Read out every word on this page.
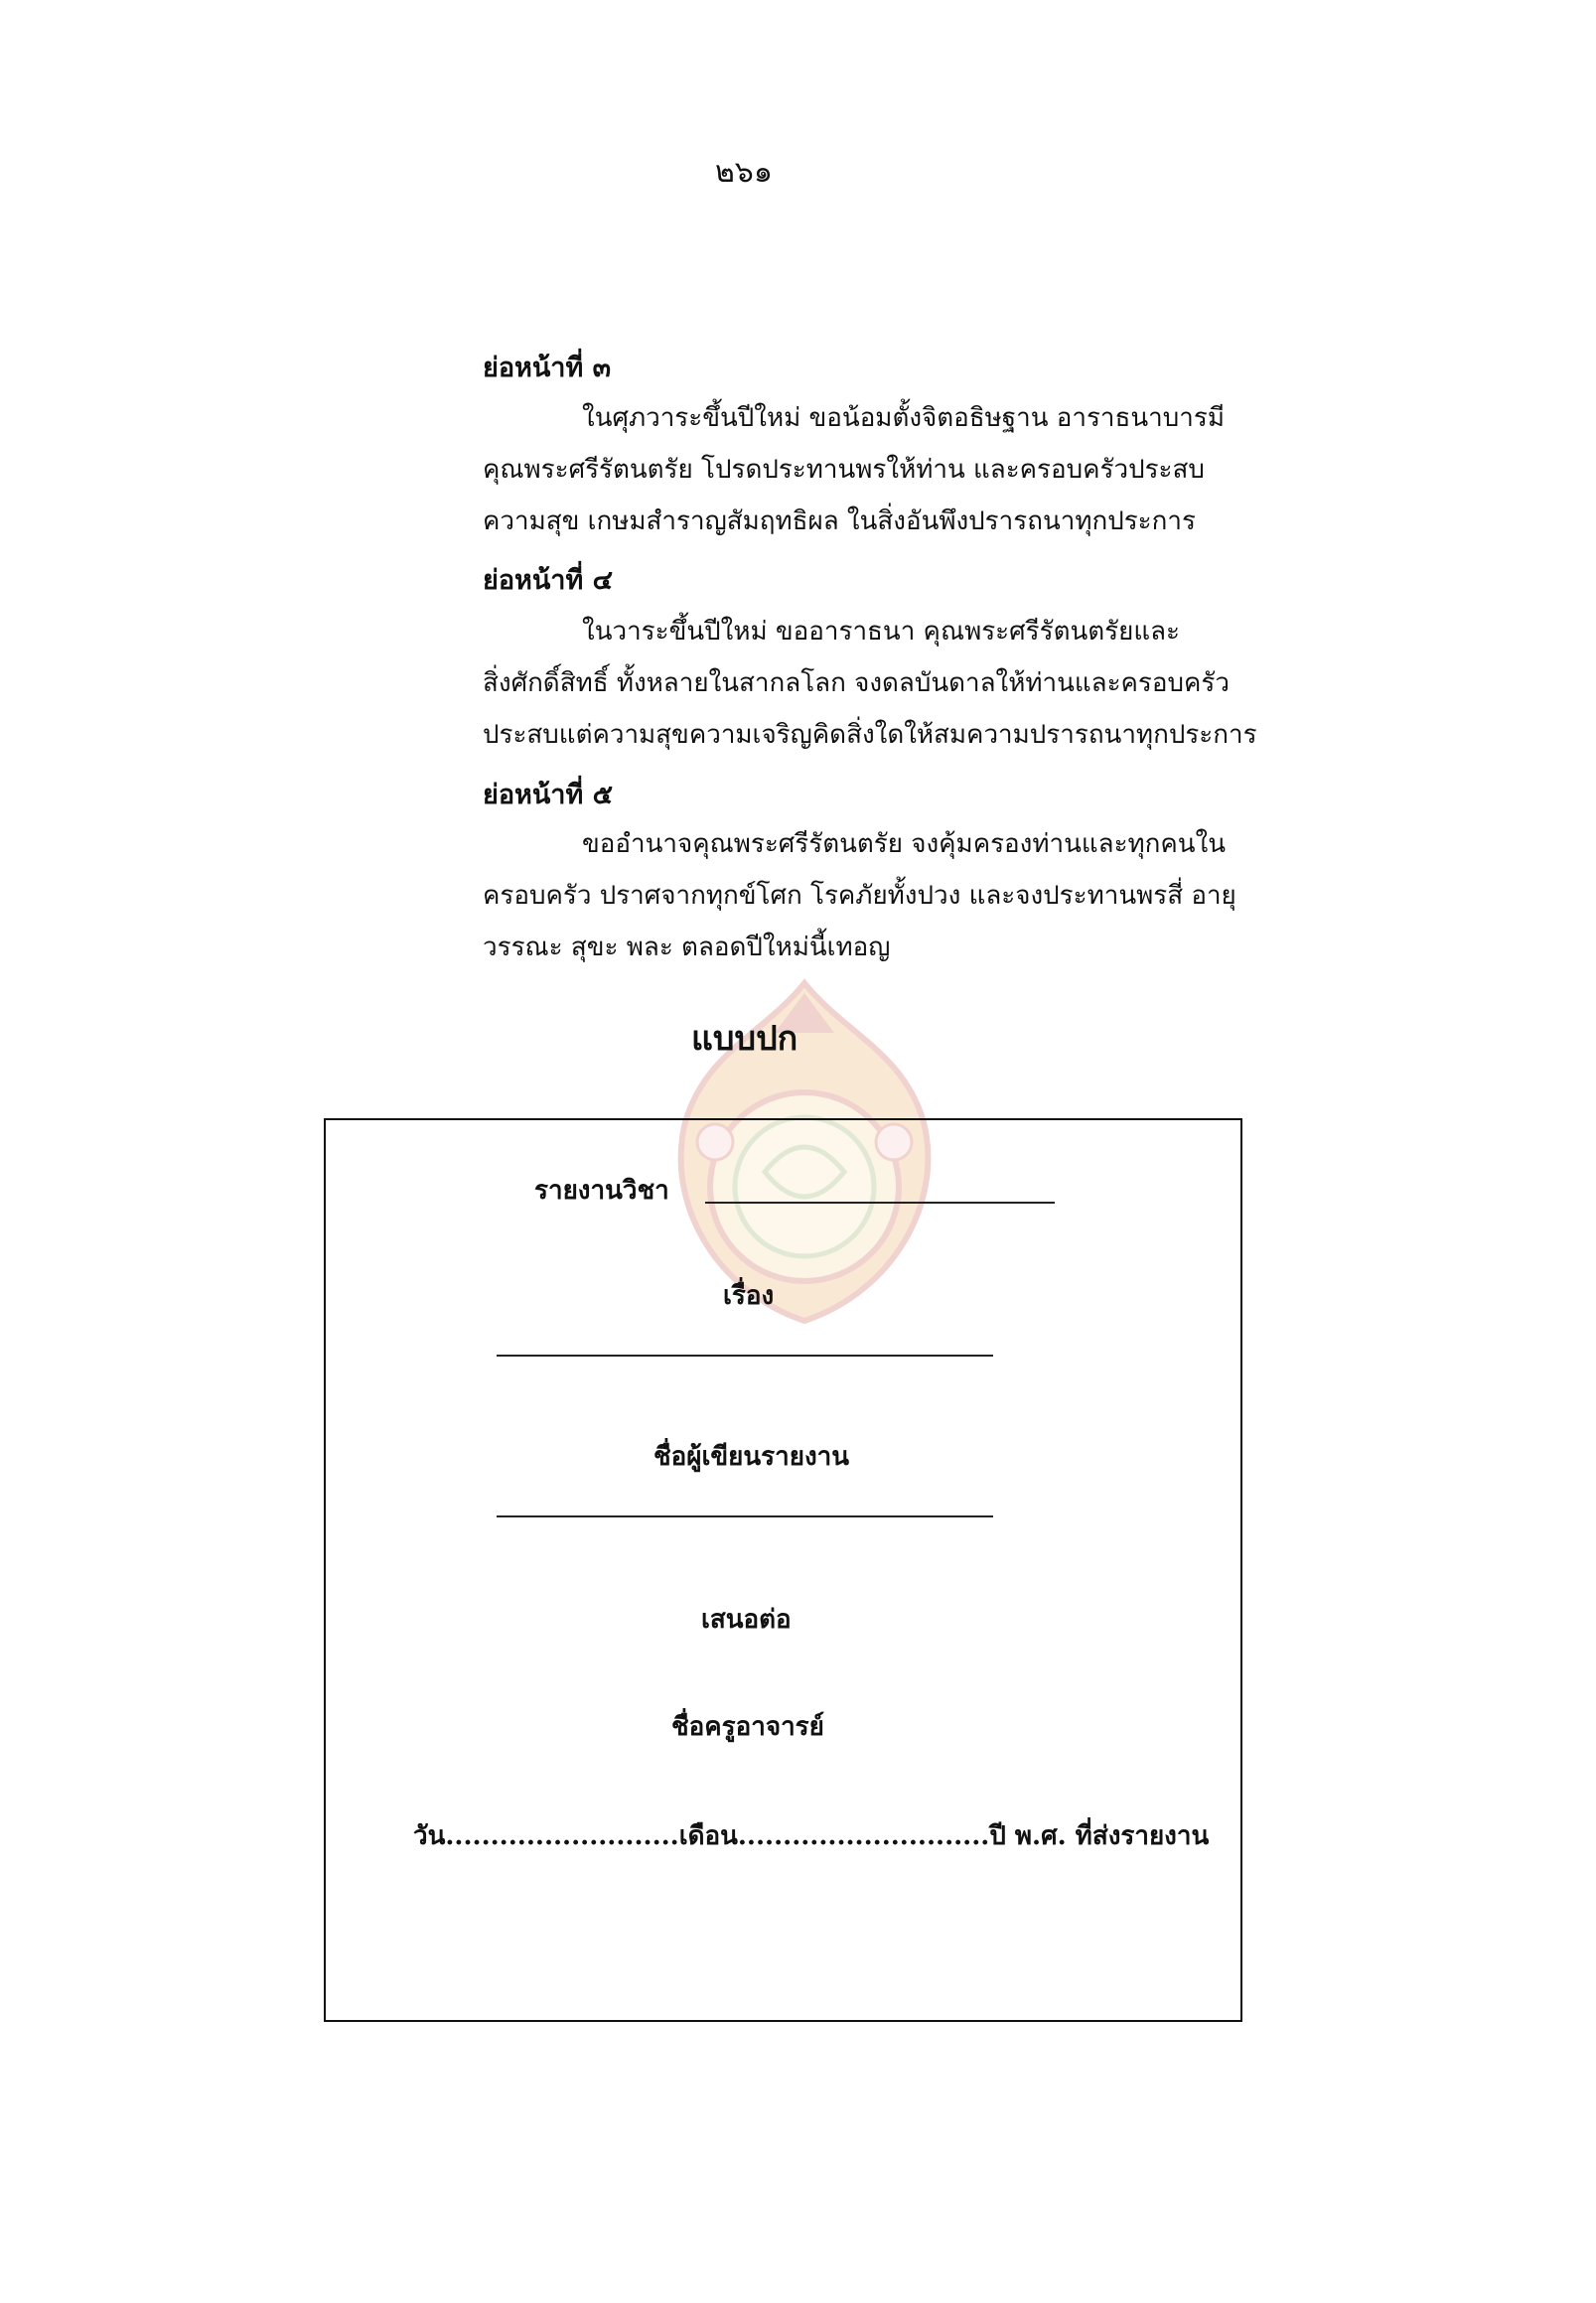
๒๖๑
ย่อหน้าที่ ๓
ในศุภวาระขึ้นปีใหม่ ขอน้อมตั้งจิตอธิษฐาน อาราธนาบารมี
คุณพระศรีรัตนตรัย โปรดประทานพรให้ท่าน และครอบครัวประสบ
ความสุข เกษมสำราญสัมฤทธิผล ในสิ่งอันพึงปรารถนาทุกประการ
ย่อหน้าที่ ๔
ในวาระขึ้นปีใหม่ ขออาราธนา คุณพระศรีรัตนตรัยและ
สิ่งศักดิ์สิทธิ์ ทั้งหลายในสากลโลก จงดลบันดาลให้ท่านและครอบครัว
ประสบแต่ความสุขความเจริญคิดสิ่งใดให้สมความปรารถนาทุกประการ
ย่อหน้าที่ ๕
ขออำนาจคุณพระศรีรัตนตรัย จงคุ้มครองท่านและทุกคนใน
ครอบครัว ปราศจากทุกข์โศก โรคภัยทั้งปวง และจงประทานพรสี่ อายุ
วรรณะ สุขะ พละ ตลอดปีใหม่นี้เทอญ
แบบปก
รายงานวิชา
เรื่อง
ชื่อผู้เขียนรายงาน
เสนอต่อ
ชื่อครูอาจารย์
วัน..........................เดือน............................ปี พ.ศ. ที่ส่งรายงาน
